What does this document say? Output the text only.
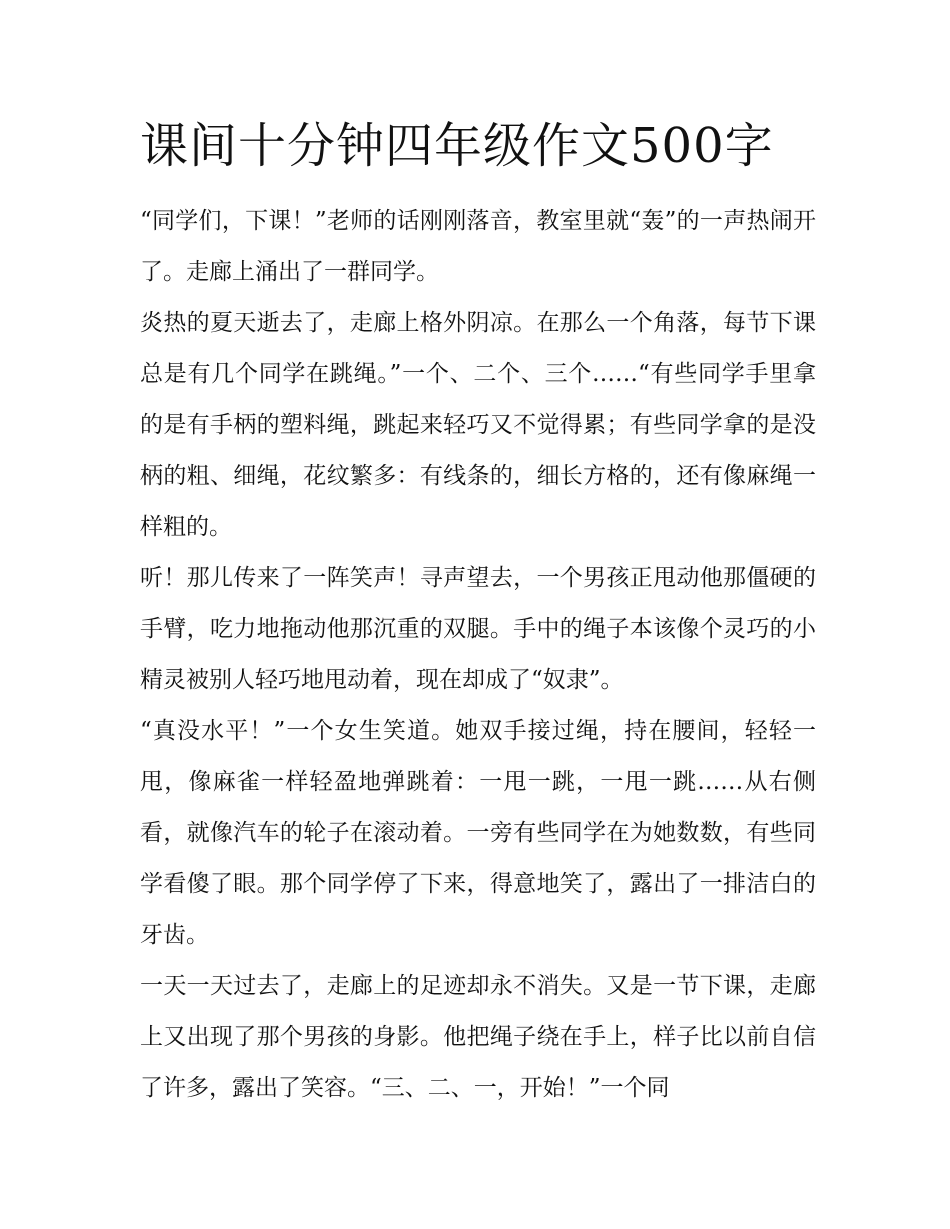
课间十分钟四年级作文500字

“同学们，下课！”老师的话刚刚落音，教室里就“轰”的一声热闹开了。走廊上涌出了一群同学。

炎热的夏天逝去了，走廊上格外阴凉。在那么一个角落，每节下课总是有几个同学在跳绳。”一个、二个、三个……“有些同学手里拿的是有手柄的塑料绳，跳起来轻巧又不觉得累；有些同学拿的是没柄的粗、细绳，花纹繁多：有线条的，细长方格的，还有像麻绳一样粗的。

听！那儿传来了一阵笑声！寻声望去，一个男孩正甩动他那僵硬的手臂，吃力地拖动他那沉重的双腿。手中的绳子本该像个灵巧的小精灵被别人轻巧地甩动着，现在却成了“奴隶”。

“真没水平！”一个女生笑道。她双手接过绳，持在腰间，轻轻一甩，像麻雀一样轻盈地弹跳着：一甩一跳，一甩一跳……从右侧看，就像汽车的轮子在滚动着。一旁有些同学在为她数数，有些同学看傻了眼。那个同学停了下来，得意地笑了，露出了一排洁白的牙齿。

一天一天过去了，走廊上的足迹却永不消失。又是一节下课，走廊上又出现了那个男孩的身影。他把绳子绕在手上，样子比以前自信了许多，露出了笑容。“三、二、一，开始！”一个同
